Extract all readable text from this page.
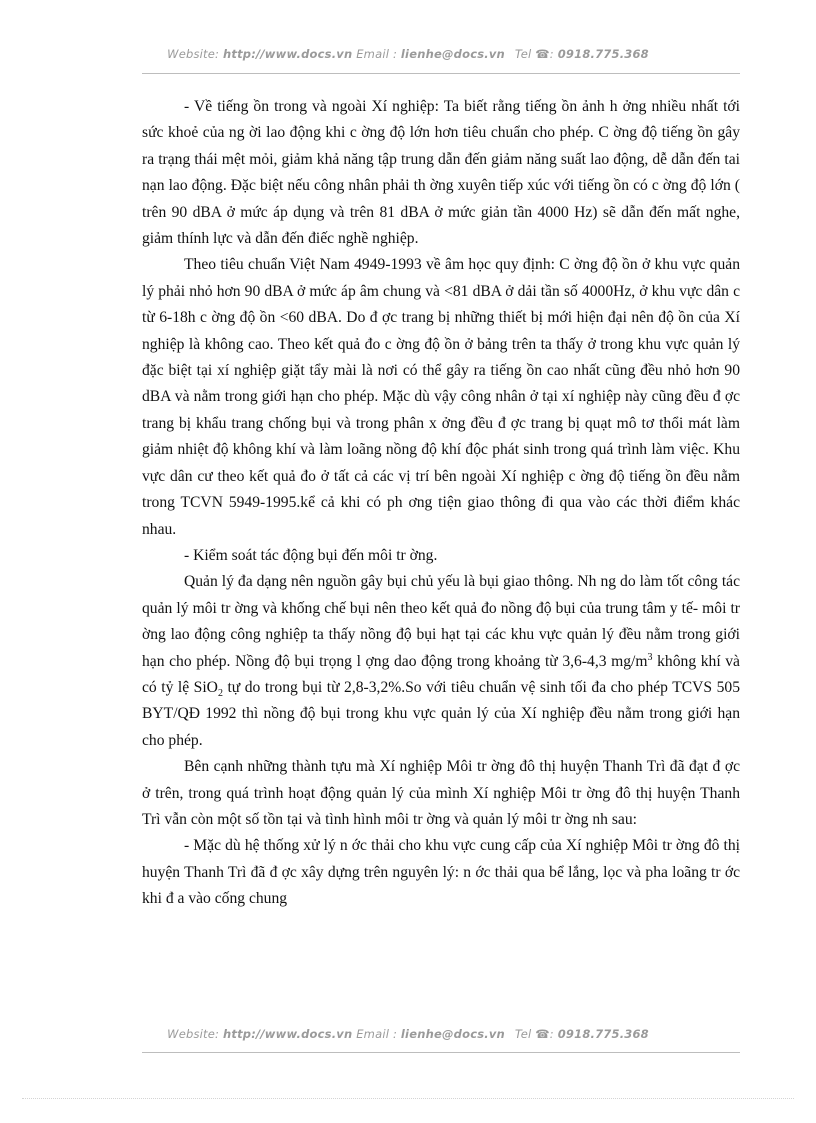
Website: http://www.docs.vn Email : lienhe@docs.vn Tel ☎: 0918.775.368

- Về tiếng ồn trong và ngoài Xí nghiệp: Ta biết rằng tiếng ồn ảnh h ởng nhiều nhất tới sức khoẻ của ng ời lao động khi c ờng độ lớn hơn tiêu chuẩn cho phép. C ờng độ tiếng ồn gây ra trạng thái mệt mỏi, giảm khả năng tập trung dẫn đến giảm năng suất lao động, dễ dẫn đến tai nạn lao động. Đặc biệt nếu công nhân phải th ờng xuyên tiếp xúc với tiếng ồn có c ờng độ lớn ( trên 90 dBA ở mức áp dụng và trên 81 dBA ở mức giản tần 4000 Hz) sẽ dẫn đến mất nghe, giảm thính lực và dẫn đến điếc nghề nghiệp.

Theo tiêu chuẩn Việt Nam 4949-1993 về âm học quy định: C ờng độ ồn ở khu vực quản lý phải nhỏ hơn 90 dBA ở mức áp âm chung và <81 dBA ở dải tần số 4000Hz, ở khu vực dân c từ 6-18h c ờng độ ồn <60 dBA. Do đ ợc trang bị những thiết bị mới hiện đại nên độ ồn của Xí nghiệp là không cao. Theo kết quả đo c ờng độ ồn ở bảng trên ta thấy ở trong khu vực quản lý đặc biệt tại xí nghiệp giặt tẩy mài là nơi có thể gây ra tiếng ồn cao nhất cũng đều nhỏ hơn 90 dBA và nằm trong giới hạn cho phép. Mặc dù vậy công nhân ở tại xí nghiệp này cũng đều đ ợc trang bị khẩu trang chống bụi và trong phân x ởng đều đ ợc trang bị quạt mô tơ thổi mát làm giảm nhiệt độ không khí và làm loãng nồng độ khí độc phát sinh trong quá trình làm việc. Khu vực dân cư theo kết quả đo ở tất cả các vị trí bên ngoài Xí nghiệp c ờng độ tiếng ồn đều nằm trong TCVN 5949-1995.kể cả khi có ph ơng tiện giao thông đi qua vào các thời điểm khác nhau.

- Kiểm soát tác động bụi đến môi tr ờng.

Quản lý đa dạng nên nguồn gây bụi chủ yếu là bụi giao thông. Nh ng do làm tốt công tác quản lý môi tr ờng và khống chế bụi nên theo kết quả đo nồng độ bụi của trung tâm y tế- môi tr ờng lao động công nghiệp ta thấy nồng độ bụi hạt tại các khu vực quản lý đều nằm trong giới hạn cho phép. Nồng độ bụi trọng l ợng dao động trong khoảng từ 3,6-4,3 $mg/m^3$ không khí và có tỷ lệ SiO$_2$ tự do trong bụi từ 2,8-3,2%.So với tiêu chuẩn vệ sinh tối đa cho phép TCVS 505 BYT/QĐ 1992 thì nồng độ bụi trong khu vực quản lý của Xí nghiệp đều nằm trong giới hạn cho phép.

Bên cạnh những thành tựu mà Xí nghiệp Môi tr ờng đô thị huyện Thanh Trì đã đạt đ ợc ở trên, trong quá trình hoạt động quản lý của mình Xí nghiệp Môi tr ờng đô thị huyện Thanh Trì vẫn còn một số tồn tại và tình hình môi tr ờng và quản lý môi tr ờng nh sau:

- Mặc dù hệ thống xử lý n ớc thải cho khu vực cung cấp của Xí nghiệp Môi tr ờng đô thị huyện Thanh Trì đã đ ợc xây dựng trên nguyên lý: n ớc thải qua bể lắng, lọc và pha loãng tr ớc khi đ a vào cống chung

Website: http://www.docs.vn Email : lienhe@docs.vn Tel ☎: 0918.775.368
